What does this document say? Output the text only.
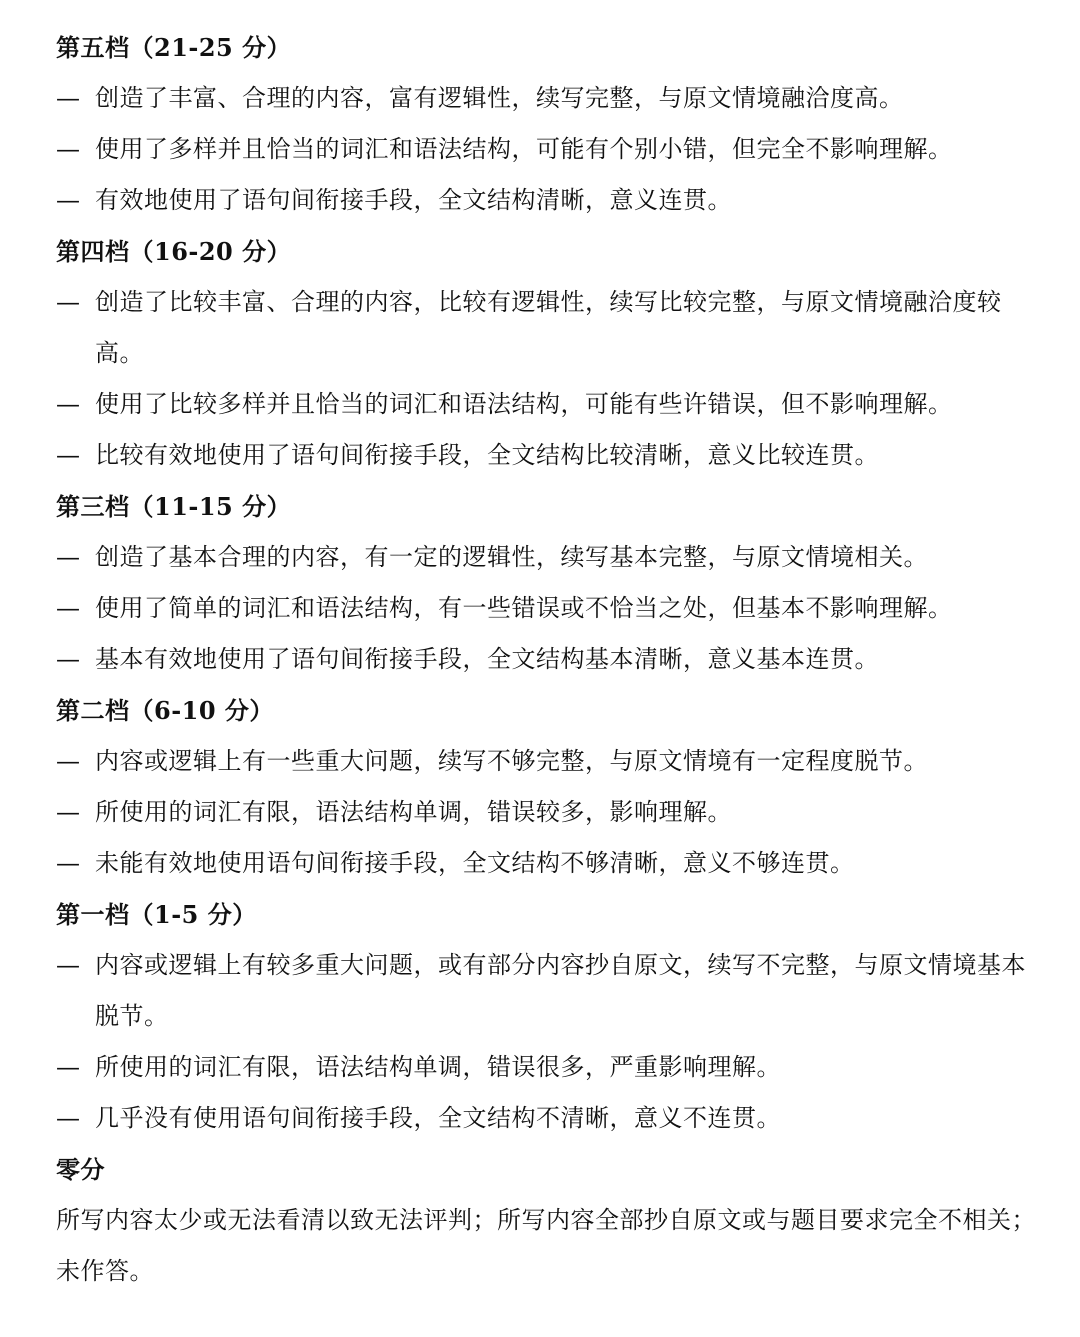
第五档（21-25 分）
— 创造了丰富、合理的内容，富有逻辑性，续写完整，与原文情境融洽度高。
— 使用了多样并且恰当的词汇和语法结构，可能有个别小错，但完全不影响理解。
— 有效地使用了语句间衔接手段，全文结构清晰，意义连贯。
第四档（16-20 分）
— 创造了比较丰富、合理的内容，比较有逻辑性，续写比较完整，与原文情境融洽度较高。
— 使用了比较多样并且恰当的词汇和语法结构，可能有些许错误，但不影响理解。
— 比较有效地使用了语句间衔接手段，全文结构比较清晰，意义比较连贯。
第三档（11-15 分）
— 创造了基本合理的内容，有一定的逻辑性，续写基本完整，与原文情境相关。
— 使用了简单的词汇和语法结构，有一些错误或不恰当之处，但基本不影响理解。
— 基本有效地使用了语句间衔接手段，全文结构基本清晰，意义基本连贯。
第二档（6-10 分）
— 内容或逻辑上有一些重大问题，续写不够完整，与原文情境有一定程度脱节。
— 所使用的词汇有限，语法结构单调，错误较多，影响理解。
— 未能有效地使用语句间衔接手段，全文结构不够清晰，意义不够连贯。
第一档（1-5 分）
— 内容或逻辑上有较多重大问题，或有部分内容抄自原文，续写不完整，与原文情境基本脱节。
— 所使用的词汇有限，语法结构单调，错误很多，严重影响理解。
— 几乎没有使用语句间衔接手段，全文结构不清晰，意义不连贯。
零分
所写内容太少或无法看清以致无法评判；所写内容全部抄自原文或与题目要求完全不相关；未作答。
